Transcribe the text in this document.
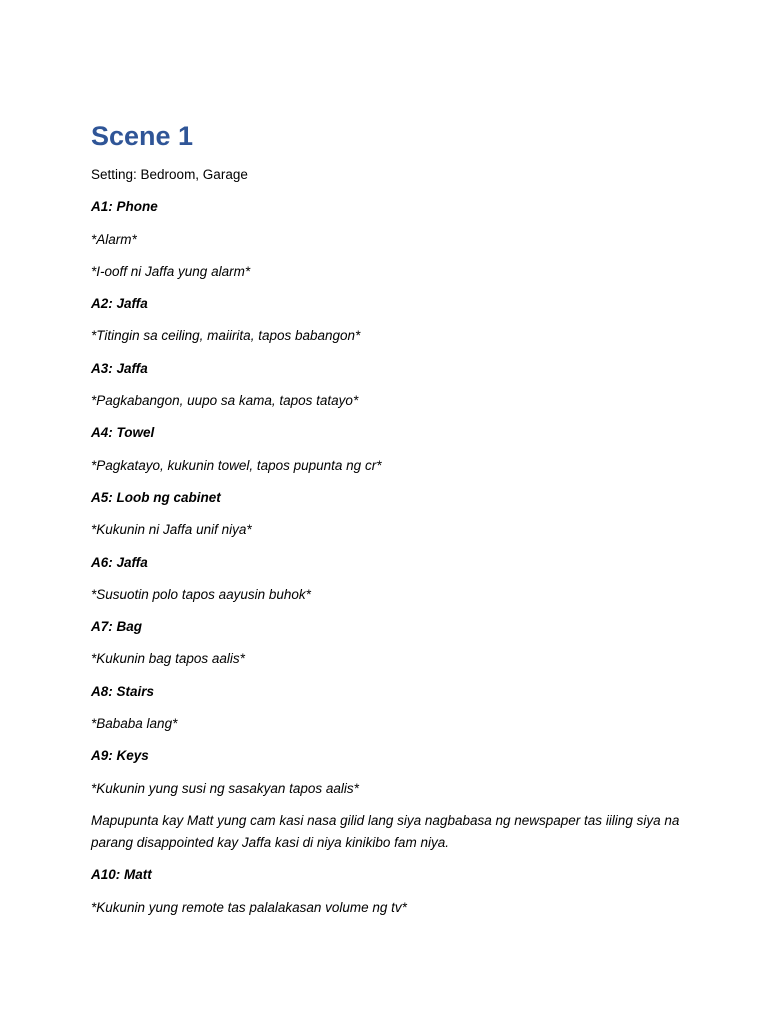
Scene 1
Setting: Bedroom, Garage
A1: Phone
*Alarm*
*I-ooff ni Jaffa yung alarm*
A2: Jaffa
*Titingin sa ceiling, maiirita, tapos babangon*
A3: Jaffa
*Pagkabangon, uupo sa kama, tapos tatayo*
A4: Towel
*Pagkatayo, kukunin towel, tapos pupunta ng cr*
A5: Loob ng cabinet
*Kukunin ni Jaffa unif niya*
A6: Jaffa
*Susuotin polo tapos aayusin buhok*
A7: Bag
*Kukunin bag tapos aalis*
A8: Stairs
*Bababa lang*
A9: Keys
*Kukunin yung susi ng sasakyan tapos aalis*
Mapupunta kay Matt yung cam kasi nasa gilid lang siya nagbabasa ng newspaper tas iiling siya na parang disappointed kay Jaffa kasi di niya kinikibo fam niya.
A10: Matt
*Kukunin yung remote tas palalakasan volume ng tv*
